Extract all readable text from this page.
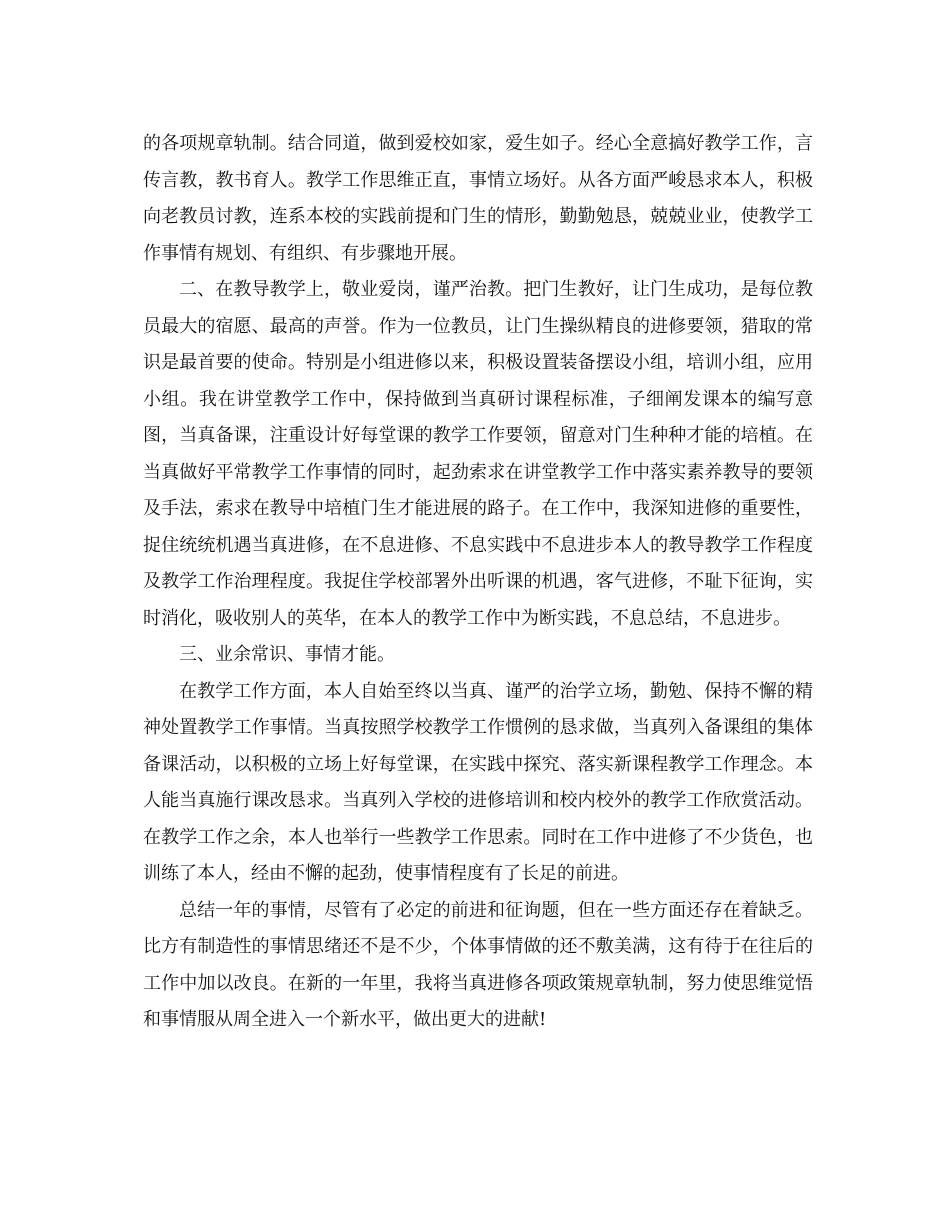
的各项规章轨制。结合同道，做到爱校如家，爱生如子。经心全意搞好教学工作，言传言教，教书育人。教学工作思维正直，事情立场好。从各方面严峻恳求本人，积极向老教员讨教，连系本校的实践前提和门生的情形，勤勤勉恳，兢兢业业，使教学工作事情有规划、有组织、有步骤地开展。

二、在教导教学上，敬业爱岗，谨严治教。把门生教好，让门生成功，是每位教员最大的宿愿、最高的声誉。作为一位教员，让门生操纵精良的进修要领，猎取的常识是最首要的使命。特别是小组进修以来，积极设置装备摆设小组，培训小组，应用小组。我在讲堂教学工作中，保持做到当真研讨课程标准，子细阐发课本的编写意图，当真备课，注重设计好每堂课的教学工作要领，留意对门生种种才能的培植。在当真做好平常教学工作事情的同时，起劲索求在讲堂教学工作中落实素养教导的要领及手法，索求在教导中培植门生才能进展的路子。在工作中，我深知进修的重要性，捉住统统机遇当真进修，在不息进修、不息实践中不息进步本人的教导教学工作程度及教学工作治理程度。我捉住学校部署外出听课的机遇，客气进修，不耻下征询，实时消化，吸收别人的英华，在本人的教学工作中为断实践，不息总结，不息进步。

三、业余常识、事情才能。

在教学工作方面，本人自始至终以当真、谨严的治学立场，勤勉、保持不懈的精神处置教学工作事情。当真按照学校教学工作惯例的恳求做，当真列入备课组的集体备课活动，以积极的立场上好每堂课，在实践中探究、落实新课程教学工作理念。本人能当真施行课改恳求。当真列入学校的进修培训和校内校外的教学工作欣赏活动。在教学工作之余，本人也举行一些教学工作思索。同时在工作中进修了不少货色，也训练了本人，经由不懈的起劲，使事情程度有了长足的前进。

总结一年的事情，尽管有了必定的前进和征询题，但在一些方面还存在着缺乏。比方有制造性的事情思绪还不是不少，个体事情做的还不敷美满，这有待于在往后的工作中加以改良。在新的一年里，我将当真进修各项政策规章轨制，努力使思维觉悟和事情服从周全进入一个新水平，做出更大的进献!
